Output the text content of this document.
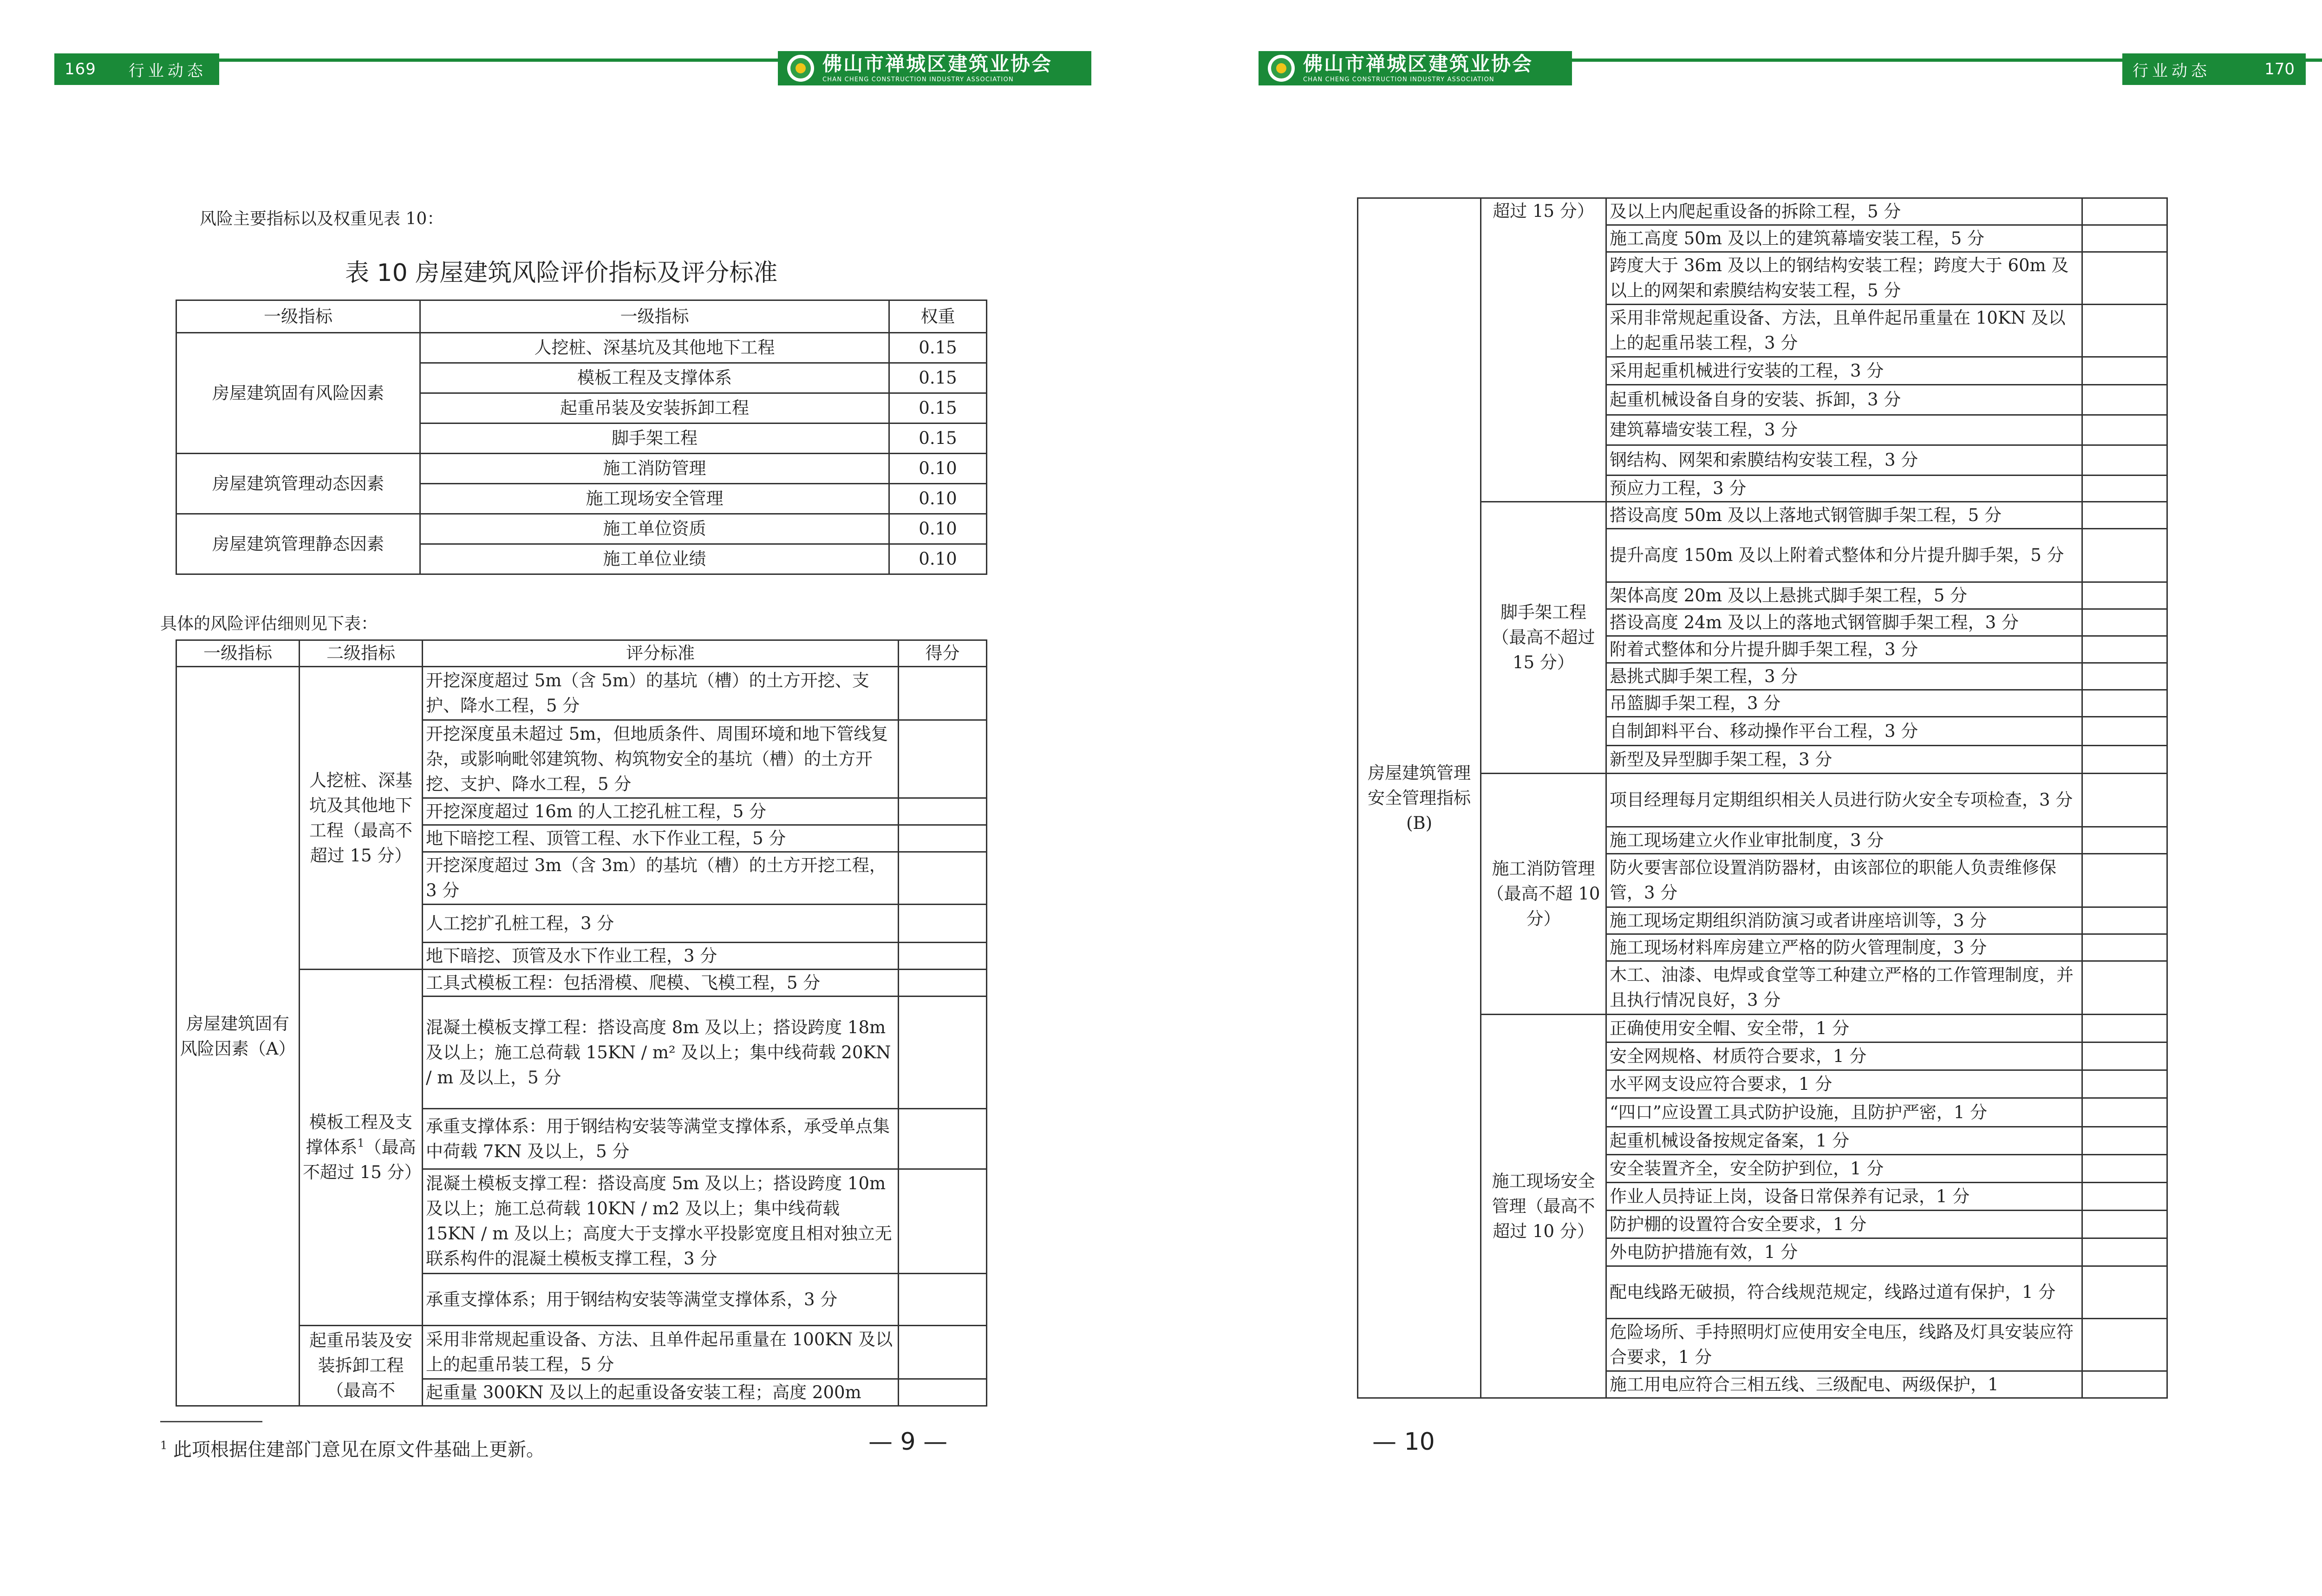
169 行业动态	佛山市禅城区建筑业协会
CHAN CHENG CONSTRUCTION INDUSTRY ASSOCIATION
风险主要指标以及权重见表 10：
表 10 房屋建筑风险评价指标及评分标准
一级指标	一级指标	权重
房屋建筑固有风险因素	人挖桩、深基坑及其他地下工程	0.15
	模板工程及支撑体系	0.15
	起重吊装及安装拆卸工程	0.15
	脚手架工程	0.15
房屋建筑管理动态因素	施工消防管理	0.10
	施工现场安全管理	0.10
房屋建筑管理静态因素	施工单位资质	0.10
	施工单位业绩	0.10
具体的风险评估细则见下表：
一级指标	二级指标	评分标准	得分
房屋建筑固有风险因素（A）	人挖桩、深基坑及其他地下工程（最高不超过 15 分）	开挖深度超过 5m（含 5m）的基坑（槽）的土方开挖、支护、降水工程，5 分	
		开挖深度虽未超过 5m，但地质条件、周围环境和地下管线复杂，或影响毗邻建筑物、构筑物安全的基坑（槽）的土方开挖、支护、降水工程，5 分	
		开挖深度超过 16m 的人工挖孔桩工程，5 分	
		地下暗挖工程、顶管工程、水下作业工程，5 分	
		开挖深度超过 3m（含 3m）的基坑（槽）的土方开挖工程，3 分	
		人工挖扩孔桩工程，3 分	
		地下暗挖、顶管及水下作业工程，3 分	
	模板工程及支撑体系$^1$（最高不超过 15 分）	工具式模板工程：包括滑模、爬模、飞模工程，5 分	
		混凝土模板支撑工程：搭设高度 8m 及以上；搭设跨度 18m 及以上；施工总荷载 15KN / m² 及以上；集中线荷载 20KN / m 及以上，5 分	
		承重支撑体系：用于钢结构安装等满堂支撑体系，承受单点集中荷载 7KN 及以上，5 分	
		混凝土模板支撑工程：搭设高度 5m 及以上；搭设跨度 10m 及以上；施工总荷载 10KN / m2 及以上；集中线荷载 15KN / m 及以上；高度大于支撑水平投影宽度且相对独立无联系构件的混凝土模板支撑工程，3 分	
		承重支撑体系；用于钢结构安装等满堂支撑体系，3 分	
	起重吊装及安装拆卸工程（最高不	采用非常规起重设备、方法、且单件起吊重量在 100KN 及以上的起重吊装工程，5 分	
		起重量 300KN 及以上的起重设备安装工程；高度 200m	
$^1$ 此项根据住建部门意见在原文件基础上更新。	— 9 —
佛山市禅城区建筑业协会
CHAN CHENG CONSTRUCTION INDUSTRY ASSOCIATION	行业动态	170
房屋建筑管理安全管理指标(B)	超过 15 分）	及以上内爬起重设备的拆除工程，5 分	
		施工高度 50m 及以上的建筑幕墙安装工程，5 分	
		跨度大于 36m 及以上的钢结构安装工程；跨度大于 60m 及以上的网架和索膜结构安装工程，5 分	
		采用非常规起重设备、方法，且单件起吊重量在 10KN 及以上的起重吊装工程，3 分	
		采用起重机械进行安装的工程，3 分	
		起重机械设备自身的安装、拆卸，3 分	
		建筑幕墙安装工程，3 分	
		钢结构、网架和索膜结构安装工程，3 分	
		预应力工程，3 分	
	脚手架工程（最高不超过 15 分）	搭设高度 50m 及以上落地式钢管脚手架工程，5 分	
		提升高度 150m 及以上附着式整体和分片提升脚手架，5 分	
		架体高度 20m 及以上悬挑式脚手架工程，5 分	
		搭设高度 24m 及以上的落地式钢管脚手架工程，3 分	
		附着式整体和分片提升脚手架工程，3 分	
		悬挑式脚手架工程，3 分	
		吊篮脚手架工程，3 分	
		自制卸料平台、移动操作平台工程，3 分	
		新型及异型脚手架工程，3 分	
	施工消防管理（最高不超 10 分）	项目经理每月定期组织相关人员进行防火安全专项检查，3 分	
		施工现场建立火作业审批制度，3 分	
		防火要害部位设置消防器材，由该部位的职能人负责维修保管，3 分	
		施工现场定期组织消防演习或者讲座培训等，3 分	
		施工现场材料库房建立严格的防火管理制度，3 分	
		木工、油漆、电焊或食堂等工种建立严格的工作管理制度，并且执行情况良好，3 分	
	施工现场安全管理（最高不超过 10 分）	正确使用安全帽、安全带，1 分	
		安全网规格、材质符合要求，1 分	
		水平网支设应符合要求，1 分	
		“四口”应设置工具式防护设施，且防护严密，1 分	
		起重机械设备按规定备案，1 分	
		安全装置齐全，安全防护到位，1 分	
		作业人员持证上岗，设备日常保养有记录，1 分	
		防护棚的设置符合安全要求，1 分	
		外电防护措施有效，1 分	
		配电线路无破损，符合线规范规定，线路过道有保护，1 分	
		危险场所、手持照明灯应使用安全电压，线路及灯具安装应符合要求，1 分	
		施工用电应符合三相五线、三级配电、两级保护，1	
— 10
